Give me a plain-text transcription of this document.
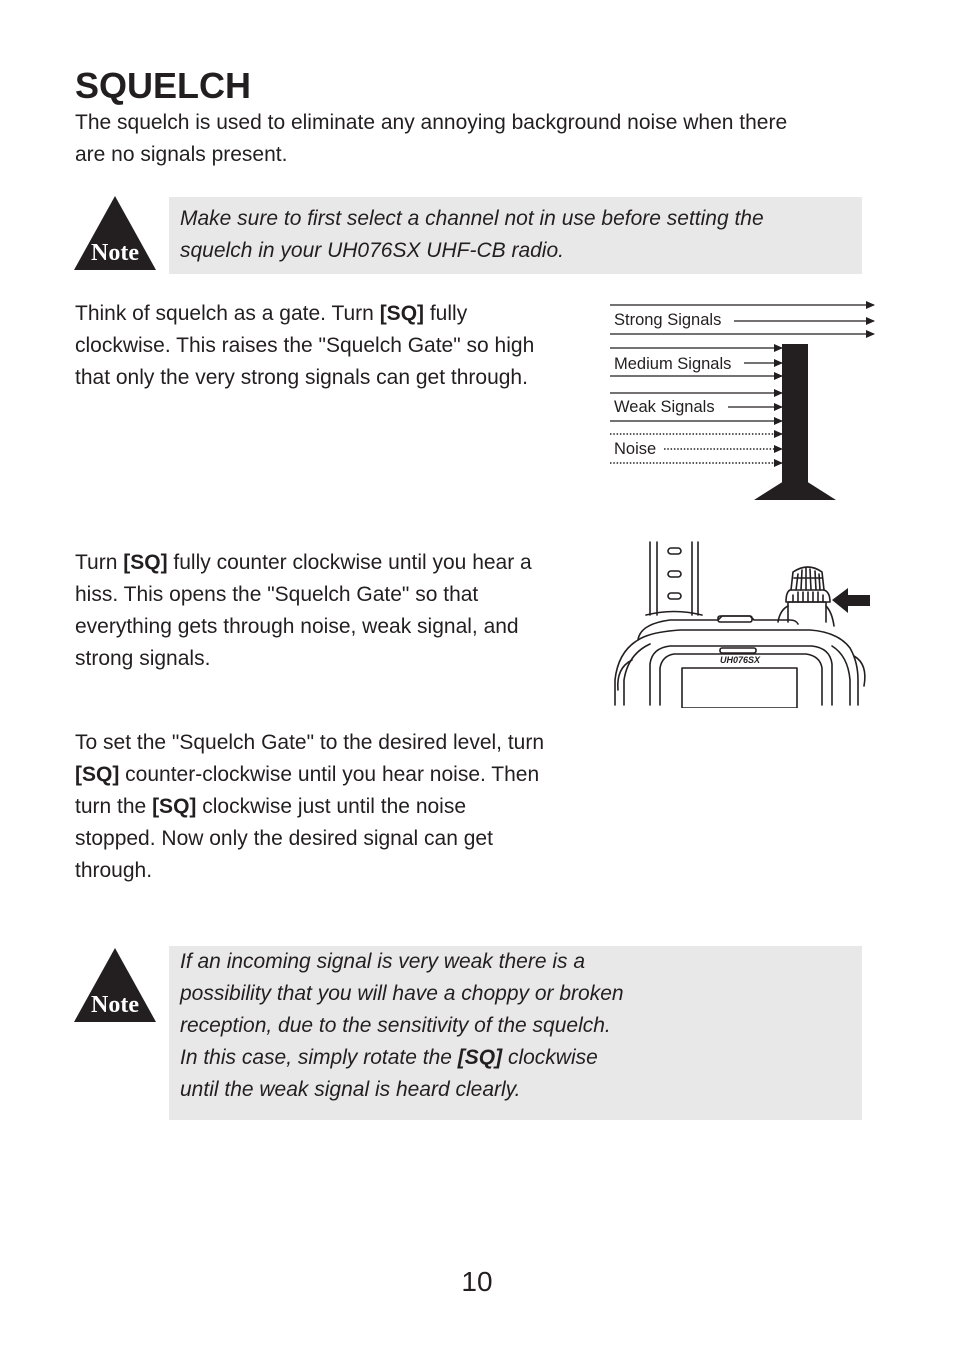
SQUELCH
The squelch is used to eliminate any annoying background noise when there
are no signals present.
Note
Make sure to first select a channel not in use before setting the
squelch in your UH076SX UHF-CB radio.
Think of squelch as a gate. Turn [SQ] fully
clockwise. This raises the "Squelch Gate" so high
that only the very strong signals can get through.
Strong Signals
Medium Signals
Weak Signals
Noise
Turn [SQ] fully counter clockwise until you hear a
hiss. This opens the "Squelch Gate" so that
everything gets through noise, weak signal, and
strong signals.	UH076SX
To set the "Squelch Gate" to the desired level, turn
[SQ] counter-clockwise until you hear noise. Then
turn the [SQ] clockwise just until the noise
stopped. Now only the desired signal can get
through.
Note
If an incoming signal is very weak there is a
possibility that you will have a choppy or broken
reception, due to the sensitivity of the squelch.
In this case, simply rotate the [SQ] clockwise
until the weak signal is heard clearly.
10
